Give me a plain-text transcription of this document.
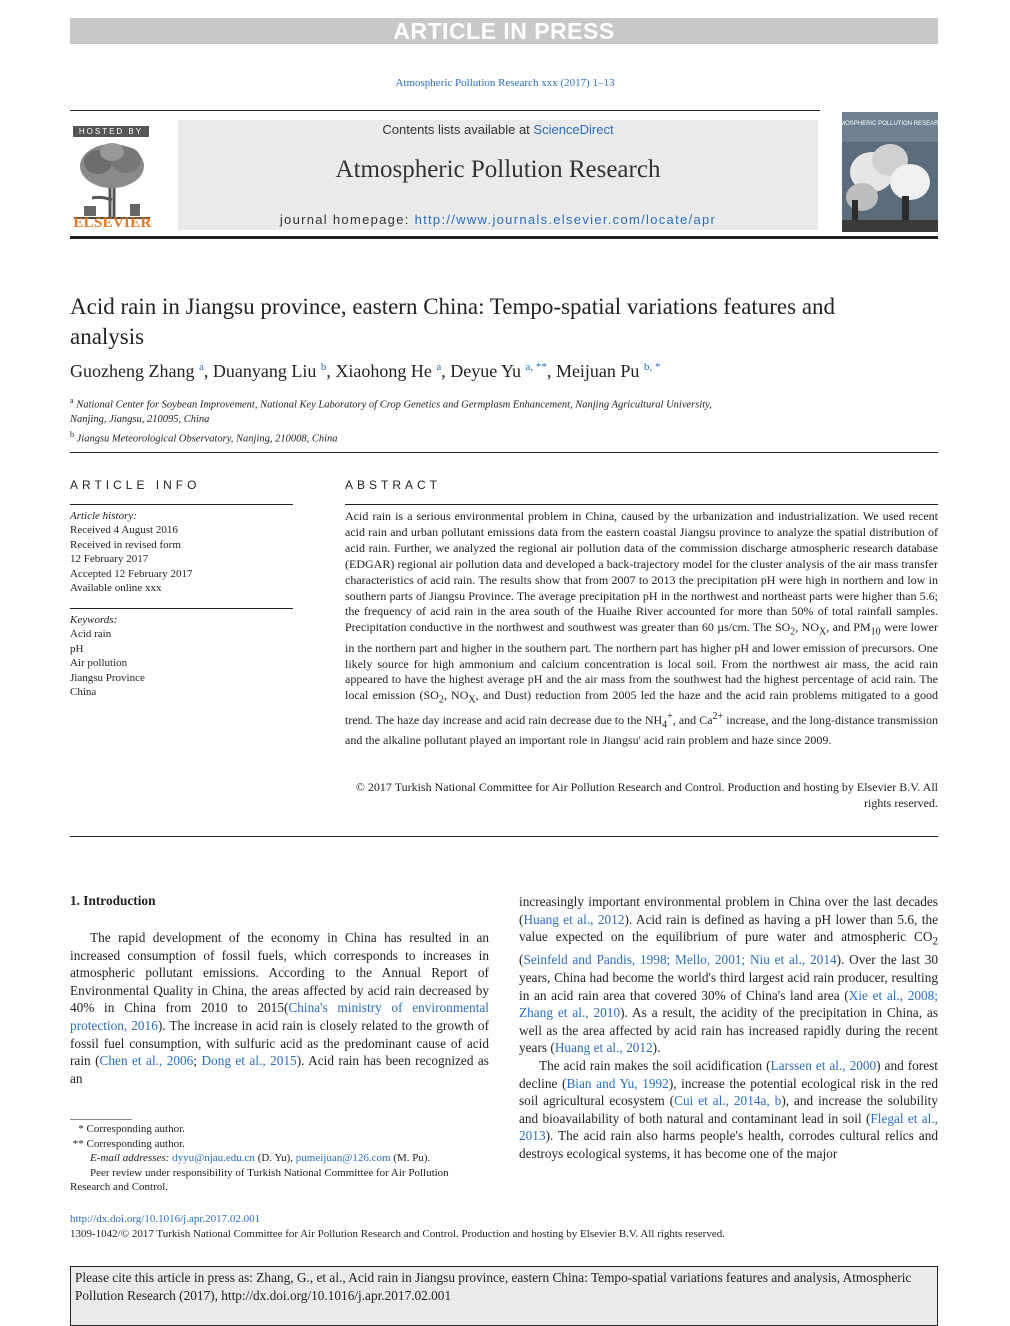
ARTICLE IN PRESS
Atmospheric Pollution Research xxx (2017) 1–13
HOSTED BY
ELSEVIER
Contents lists available at ScienceDirect
Atmospheric Pollution Research
journal homepage: http://www.journals.elsevier.com/locate/apr
ATMOSPHERIC POLLUTION RESEARCH
Acid rain in Jiangsu province, eastern China: Tempo-spatial variations features and analysis
Guozheng Zhang $^a$, Duanyang Liu $^b$, Xiaohong He $^a$, Deyue Yu $^{a, **}$, Meijuan Pu $^{b, *}$
$^a$ National Center for Soybean Improvement, National Key Laboratory of Crop Genetics and Germplasm Enhancement, Nanjing Agricultural University,
Nanjing, Jiangsu, 210095, China
$^b$ Jiangsu Meteorological Observatory, Nanjing, 210008, China
ARTICLE INFO
Article history:
Received 4 August 2016
Received in revised form
12 February 2017
Accepted 12 February 2017
Available online xxx
Keywords:
Acid rain
pH
Air pollution
Jiangsu Province
China
ABSTRACT
Acid rain is a serious environmental problem in China, caused by the urbanization and industrialization. We used recent acid rain and urban pollutant emissions data from the eastern coastal Jiangsu province to analyze the spatial distribution of acid rain. Further, we analyzed the regional air pollution data of the commission discharge atmospheric research database (EDGAR) regional air pollution data and developed a back-trajectory model for the cluster analysis of the air mass transfer characteristics of acid rain. The results show that from 2007 to 2013 the precipitation pH were high in northern and low in southern parts of Jiangsu Province. The average precipitation pH in the northwest and northeast parts were higher than 5.6; the frequency of acid rain in the area south of the Huaihe River accounted for more than 50% of total rainfall samples. Precipitation conductive in the northwest and southwest was greater than 60 µs/cm. The $SO_2$, $NO_X$, and $PM_{10}$ were lower in the northern part and higher in the southern part. The northern part has higher pH and lower emission of precursors. One likely source for high ammonium and calcium concentration is local soil. From the northwest air mass, the acid rain appeared to have the highest average pH and the air mass from the southwest had the highest percentage of acid rain. The local emission ($SO_2$, $NO_X$, and Dust) reduction from 2005 led the haze and the acid rain problems mitigated to a good trend. The haze day increase and acid rain decrease due to the $NH_4^+$, and $Ca^{2+}$ increase, and the long-distance transmission and the alkaline pollutant played an important role in Jiangsu' acid rain problem and haze since 2009.
© 2017 Turkish National Committee for Air Pollution Research and Control. Production and hosting by Elsevier B.V. All rights reserved.
1. Introduction

The rapid development of the economy in China has resulted in an increased consumption of fossil fuels, which corresponds to increases in atmospheric pollutant emissions. According to the Annual Report of Environmental Quality in China, the areas affected by acid rain decreased by 40% in China from 2010 to 2015(China's ministry of environmental protection, 2016). The increase in acid rain is closely related to the growth of fossil fuel consumption, with sulfuric acid as the predominant cause of acid rain (Chen et al., 2006; Dong et al., 2015). Acid rain has been recognized as an

increasingly important environmental problem in China over the last decades (Huang et al., 2012). Acid rain is defined as having a pH lower than 5.6, the value expected on the equilibrium of pure water and atmospheric $CO_2$ (Seinfeld and Pandis, 1998; Mello, 2001; Niu et al., 2014). Over the last 30 years, China had become the world's third largest acid rain producer, resulting in an acid rain area that covered 30% of China's land area (Xie et al., 2008; Zhang et al., 2010). As a result, the acidity of the precipitation in China, as well as the area affected by acid rain has increased rapidly during the recent years (Huang et al., 2012).

The acid rain makes the soil acidification (Larssen et al., 2000) and forest decline (Bian and Yu, 1992), increase the potential ecological risk in the red soil agricultural ecosystem (Cui et al., 2014a, b), and increase the solubility and bioavailability of both natural and contaminant lead in soil (Flegal et al., 2013). The acid rain also harms people's health, corrodes cultural relics and destroys ecological systems, it has become one of the major

* Corresponding author.
** Corresponding author.
E-mail addresses: dyyu@njau.edu.cn (D. Yu), pumeijuan@126.com (M. Pu).
Peer review under responsibility of Turkish National Committee for Air Pollution Research and Control.
http://dx.doi.org/10.1016/j.apr.2017.02.001
1309-1042/© 2017 Turkish National Committee for Air Pollution Research and Control. Production and hosting by Elsevier B.V. All rights reserved.
Please cite this article in press as: Zhang, G., et al., Acid rain in Jiangsu province, eastern China: Tempo-spatial variations features and analysis, Atmospheric Pollution Research (2017), http://dx.doi.org/10.1016/j.apr.2017.02.001
